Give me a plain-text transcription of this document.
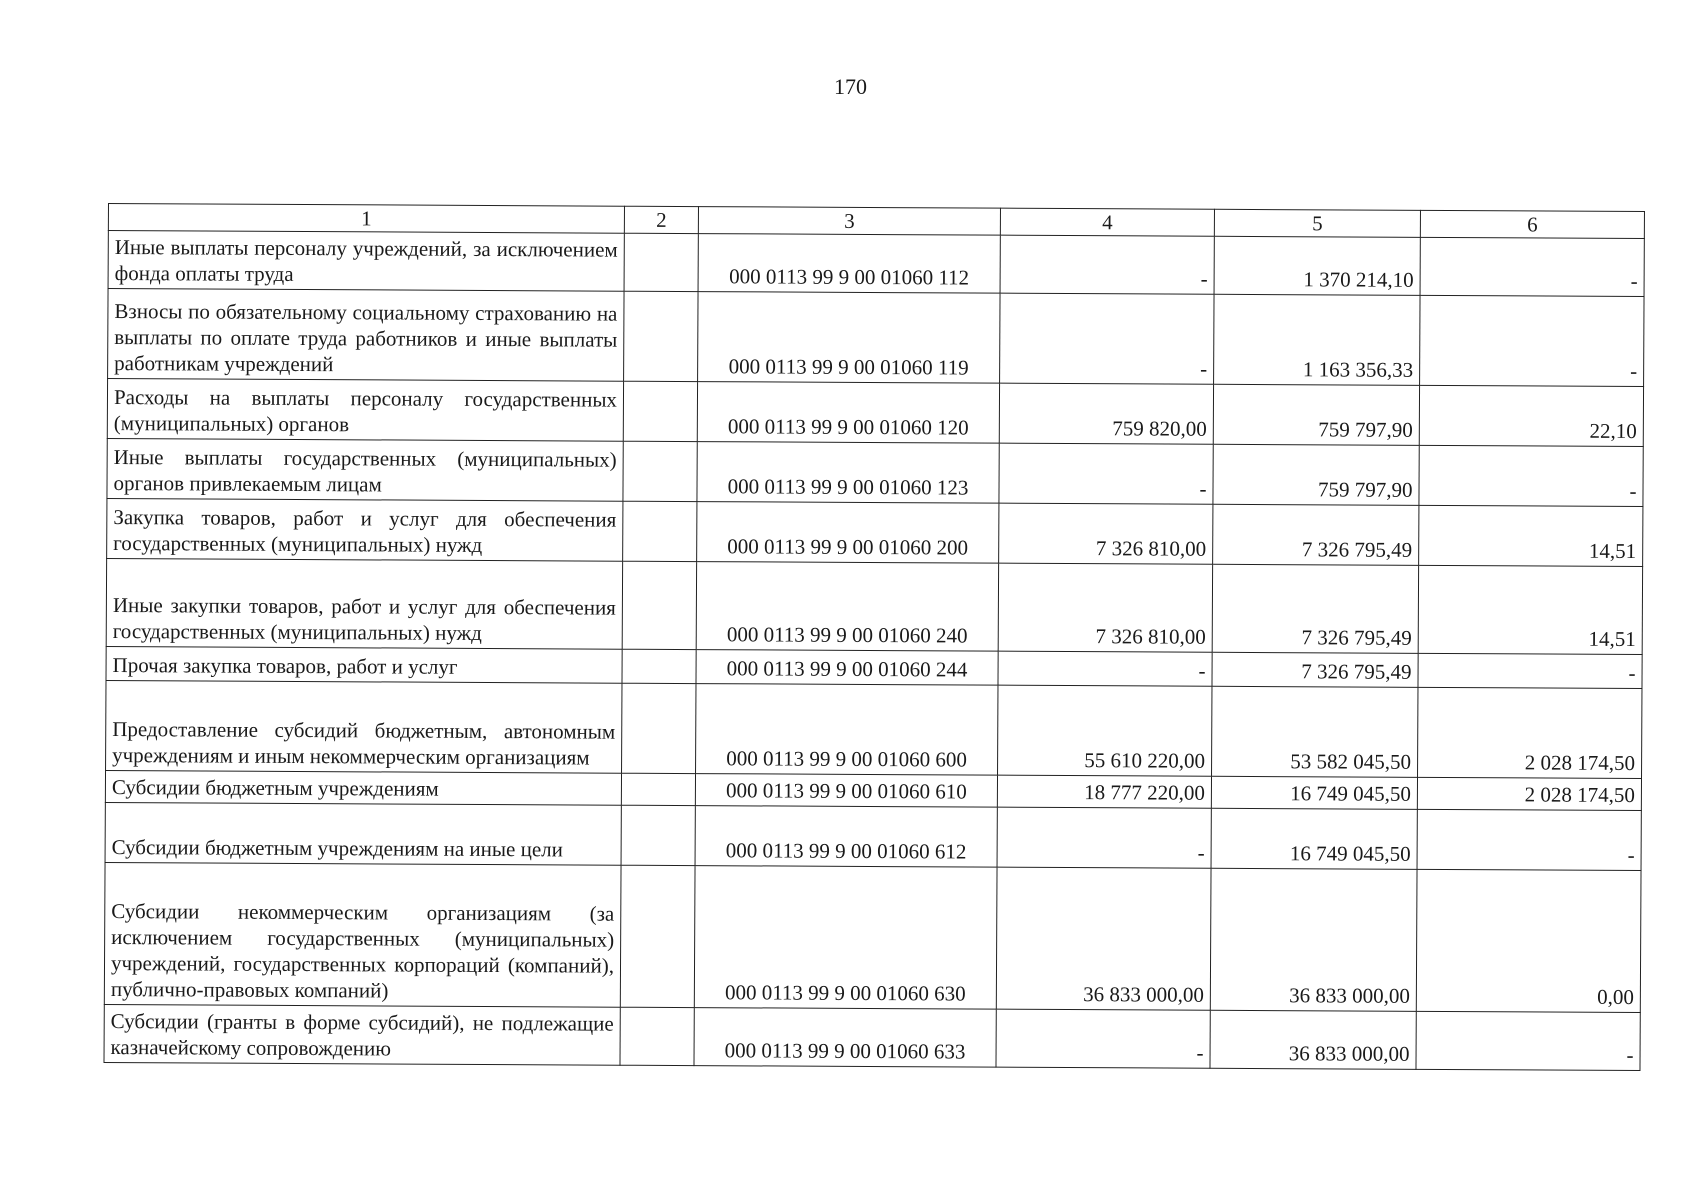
170
1	2	3	4	5	6
Иные выплаты персоналу учреждений, за исключением фонда оплаты труда		000 0113 99 9 00 01060 112	-	1 370 214,10	-
Взносы по обязательному социальному страхованию на выплаты по оплате труда работников и иные выплаты работникам учреждений		000 0113 99 9 00 01060 119	-	1 163 356,33	-
Расходы на выплаты персоналу государственных (муниципальных) органов		000 0113 99 9 00 01060 120	759 820,00	759 797,90	22,10
Иные выплаты государственных (муниципальных) органов привлекаемым лицам		000 0113 99 9 00 01060 123	-	759 797,90	-
Закупка товаров, работ и услуг для обеспечения государственных (муниципальных) нужд		000 0113 99 9 00 01060 200	7 326 810,00	7 326 795,49	14,51
Иные закупки товаров, работ и услуг для обеспечения государственных (муниципальных) нужд		000 0113 99 9 00 01060 240	7 326 810,00	7 326 795,49	14,51
Прочая закупка товаров, работ и услуг		000 0113 99 9 00 01060 244	-	7 326 795,49	-
Предоставление субсидий бюджетным, автономным учреждениям и иным некоммерческим организациям		000 0113 99 9 00 01060 600	55 610 220,00	53 582 045,50	2 028 174,50
Субсидии бюджетным учреждениям		000 0113 99 9 00 01060 610	18 777 220,00	16 749 045,50	2 028 174,50
Субсидии бюджетным учреждениям на иные цели		000 0113 99 9 00 01060 612	-	16 749 045,50	-
Субсидии некоммерческим организациям (за исключением государственных (муниципальных) учреждений, государственных корпораций (компаний), публично-правовых компаний)		000 0113 99 9 00 01060 630	36 833 000,00	36 833 000,00	0,00
Субсидии (гранты в форме субсидий), не подлежащие казначейскому сопровождению		000 0113 99 9 00 01060 633	-	36 833 000,00	-
